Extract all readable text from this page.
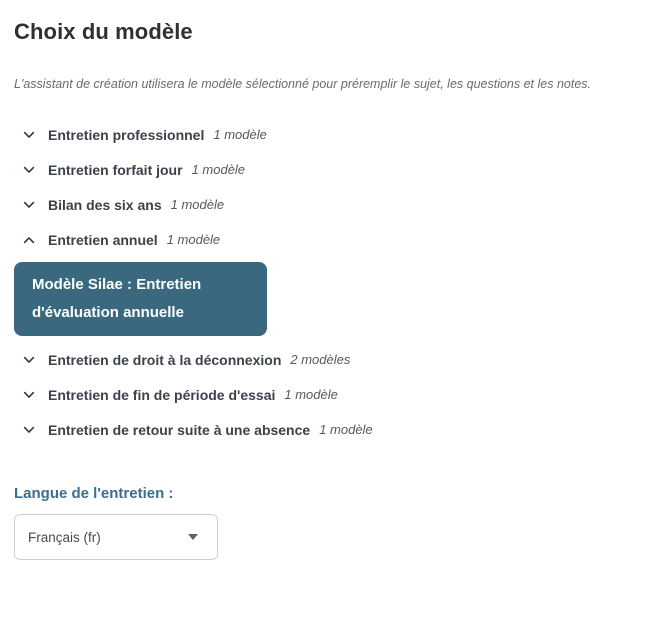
Choix du modèle

L'assistant de création utilisera le modèle sélectionné pour préremplir le sujet, les questions et les notes.

Entretien professionnel 1 modèle
Entretien forfait jour 1 modèle
Bilan des six ans 1 modèle
Entretien annuel 1 modèle
Modèle Silae : Entretien d'évaluation annuelle
Entretien de droit à la déconnexion 2 modèles
Entretien de fin de période d'essai 1 modèle
Entretien de retour suite à une absence 1 modèle
Langue de l'entretien :
Français (fr)
